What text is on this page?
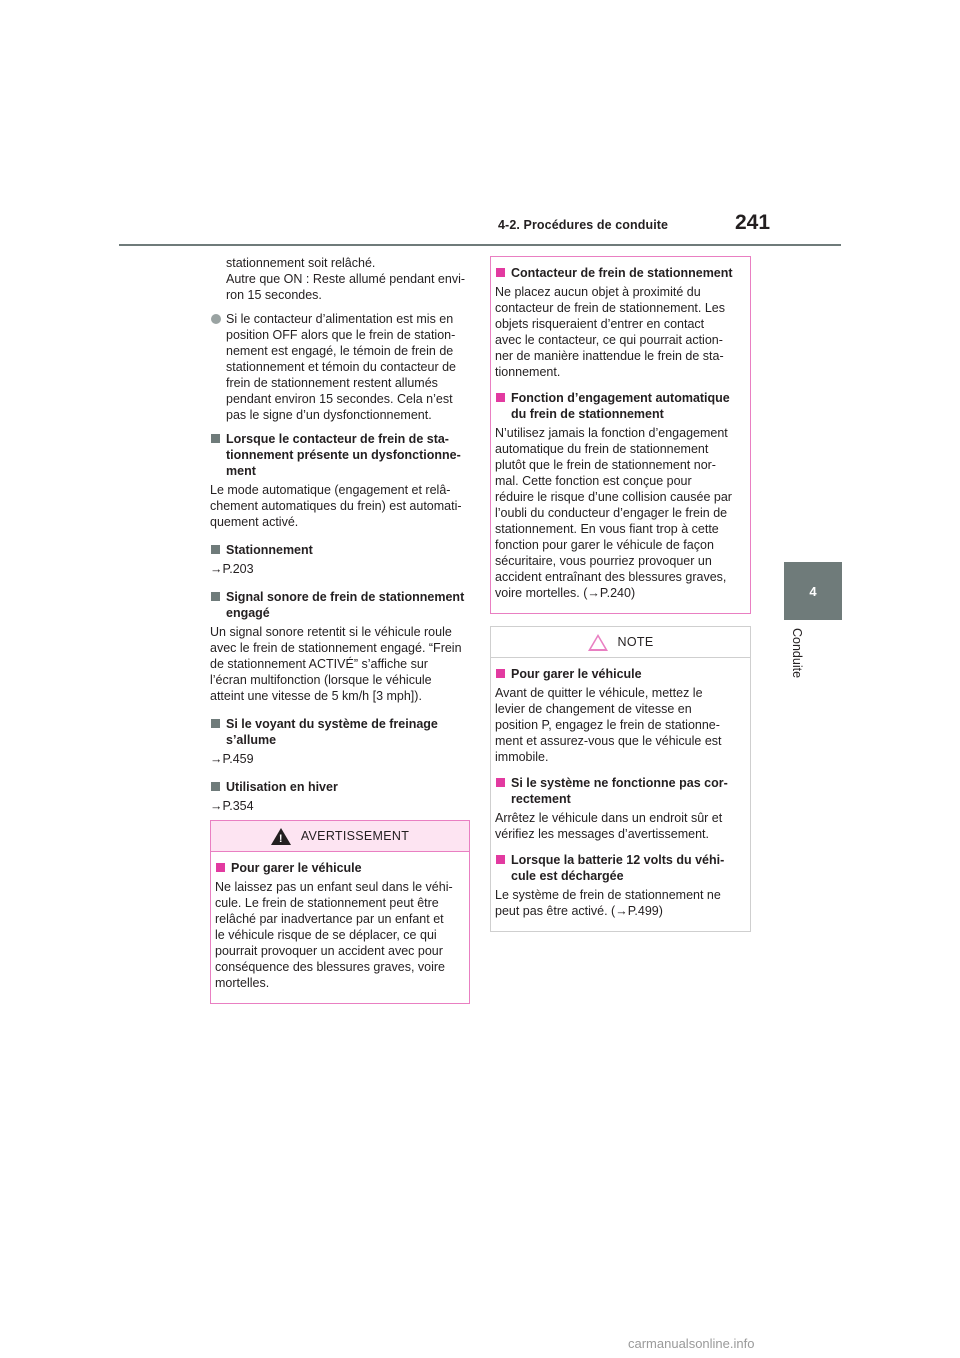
4-2. Procédures de conduite	241
4
Conduite

stationnement soit relâché.
Autre que ON : Reste allumé pendant envi-
ron 15 secondes.

Si le contacteur d’alimentation est mis en
position OFF alors que le frein de station-
nement est engagé, le témoin de frein de
stationnement et témoin du contacteur de
frein de stationnement restent allumés
pendant environ 15 secondes. Cela n’est
pas le signe d’un dysfonctionnement.
Lorsque le contacteur de frein de sta-
tionnement présente un dysfonctionne-
ment

Le mode automatique (engagement et relâ-
chement automatiques du frein) est automati-
quement activé.

Stationnement

→P.203

Signal sonore de frein de stationnement
engagé

Un signal sonore retentit si le véhicule roule
avec le frein de stationnement engagé. “Frein
de stationnement ACTIVÉ” s’affiche sur
l’écran multifonction (lorsque le véhicule
atteint une vitesse de 5 km/h [3 mph]).

Si le voyant du système de freinage
s’allume

→P.459

Utilisation en hiver

→P.354

! AVERTISSEMENT
Pour garer le véhicule

Ne laissez pas un enfant seul dans le véhi-
cule. Le frein de stationnement peut être
relâché par inadvertance par un enfant et
le véhicule risque de se déplacer, ce qui
pourrait provoquer un accident avec pour
conséquence des blessures graves, voire
mortelles.

Contacteur de frein de stationnement

Ne placez aucun objet à proximité du
contacteur de frein de stationnement. Les
objets risqueraient d’entrer en contact
avec le contacteur, ce qui pourrait action-
ner de manière inattendue le frein de sta-
tionnement.

Fonction d’engagement automatique
du frein de stationnement

N’utilisez jamais la fonction d’engagement
automatique du frein de stationnement
plutôt que le frein de stationnement nor-
mal. Cette fonction est conçue pour
réduire le risque d’une collision causée par
l’oubli du conducteur d’engager le frein de
stationnement. En vous fiant trop à cette
fonction pour garer le véhicule de façon
sécuritaire, vous pourriez provoquer un
accident entraînant des blessures graves,
voire mortelles. (→P.240)

NOTE
Pour garer le véhicule

Avant de quitter le véhicule, mettez le
levier de changement de vitesse en
position P, engagez le frein de stationne-
ment et assurez-vous que le véhicule est
immobile.

Si le système ne fonctionne pas cor-
rectement

Arrêtez le véhicule dans un endroit sûr et
vérifiez les messages d’avertissement.

Lorsque la batterie 12 volts du véhi-
cule est déchargée

Le système de frein de stationnement ne
peut pas être activé. (→P.499)

carmanualsonline.info
